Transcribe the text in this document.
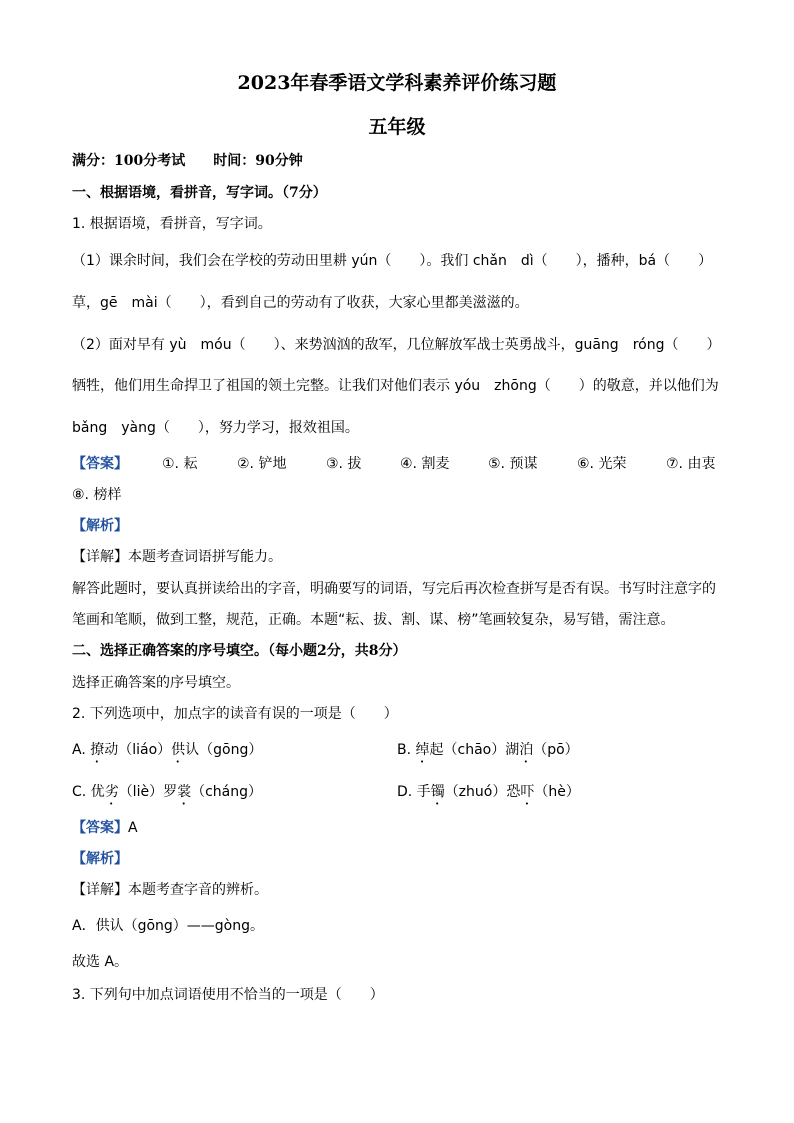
2023年春季语文学科素养评价练习题
五年级
满分：100分考试　　时间：90分钟
一、根据语境，看拼音，写字词。（7分）
1. 根据语境，看拼音，写字词。
（1）课余时间，我们会在学校的劳动田里耕 yún（　　）。我们 chǎn　dì（　　），播种，bá（　　）
草，gē　mài（　　），看到自己的劳动有了收获，大家心里都美滋滋的。
（2）面对早有 yù　móu（　　）、来势汹汹的敌军，几位解放军战士英勇战斗，guāng　róng（　　）
牺牲，他们用生命捍卫了祖国的领土完整。让我们对他们表示 yóu　zhōng（　　）的敬意，并以他们为
bǎng　yàng（　　），努力学习，报效祖国。
【答案】 ①. 耘	②. 铲地	③. 拔	④. 割麦	⑤. 预谋	⑥. 光荣	⑦. 由衷
⑧. 榜样
【解析】
【详解】本题考查词语拼写能力。
解答此题时，要认真拼读给出的字音，明确要写的词语，写完后再次检查拼写是否有误。书写时注意字的
笔画和笔顺，做到工整，规范，正确。本题“耘、拔、割、谋、榜”笔画较复杂，易写错，需注意。
二、选择正确答案的序号填空。（每小题2分，共8分）
选择正确答案的序号填空。
2. 下列选项中，加点字的读音有误的一项是（　　）
A. 撩动（liáo）供认（gōng）	B. 绰起（chāo）湖泊（pō）
C. 优劣（liè）罗裳（cháng）	D. 手镯（zhuó）恐吓（hè）
【答案】A
【解析】
【详解】本题考查字音的辨析。
A．供认（gōng）——gòng。
故选 A。
3. 下列句中加点词语使用不恰当的一项是（　　）
